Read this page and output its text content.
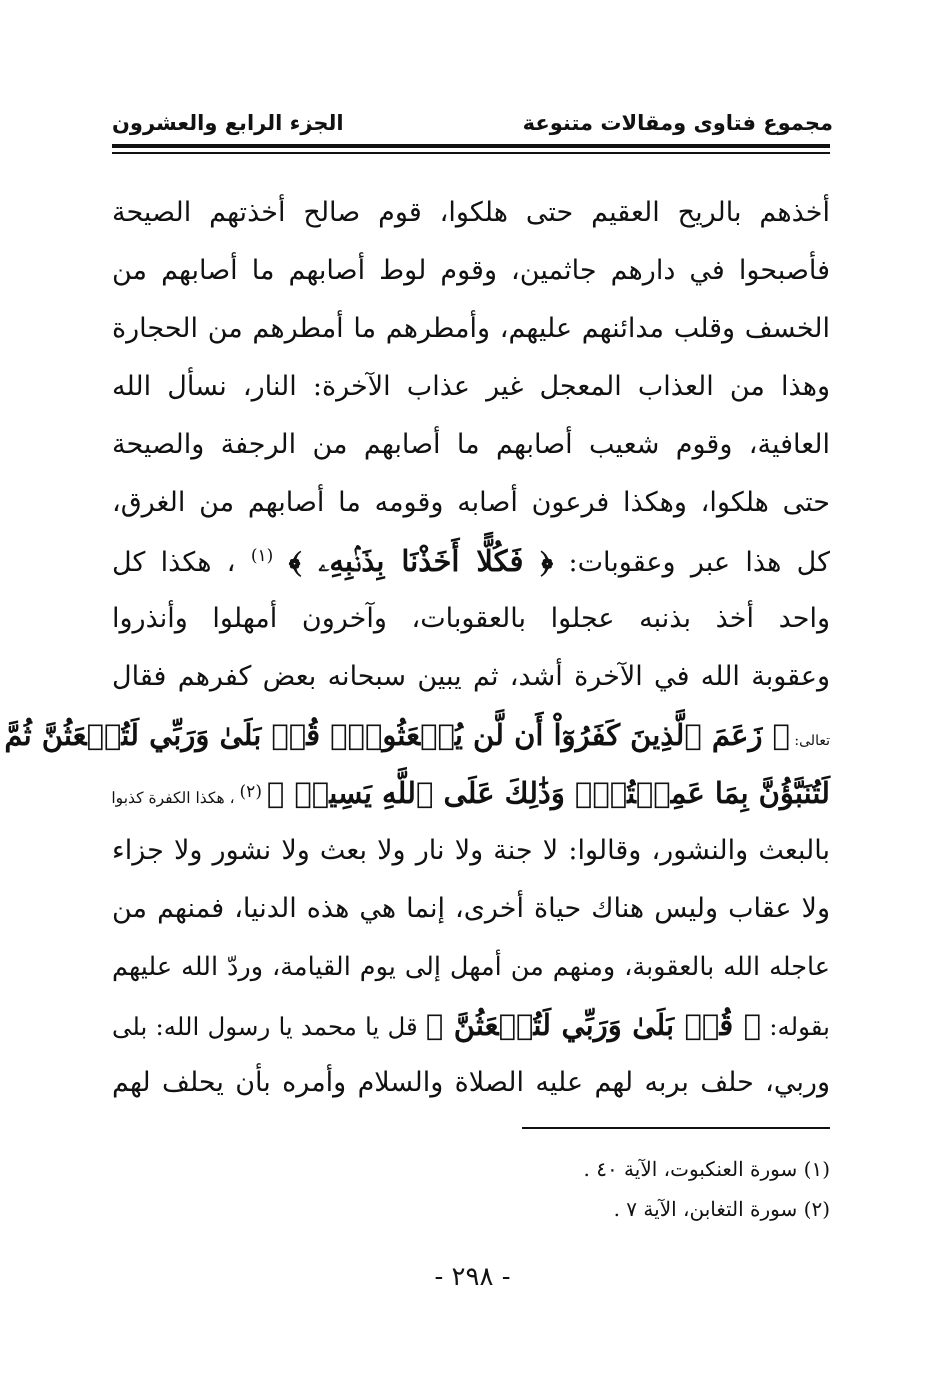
مجموع فتاوى ومقالات متنوعة
الجزء الرابع والعشرون
أخذهم بالريح العقيم حتى هلكوا، قوم صالح أخذتهم الصيحة
فأصبحوا في دارهم جاثمين، وقوم لوط أصابهم ما أصابهم من
الخسف وقلب مدائنهم عليهم، وأمطرهم ما أمطرهم من الحجارة
وهذا من العذاب المعجل غير عذاب الآخرة: النار، نسأل الله
العافية، وقوم شعيب أصابهم ما أصابهم من الرجفة والصيحة
حتى هلكوا، وهكذا فرعون أصابه وقومه ما أصابهم من الغرق،
كل هذا عبر وعقوبات: ﴿ فَكُلًّا أَخَذْنَا بِذَنۢبِهِۦ ﴾ $^{(١)}$ ، هكذا كل
واحد أخذ بذنبه عجلوا بالعقوبات، وآخرون أمهلوا وأنذروا
وعقوبة الله في الآخرة أشد، ثم يبين سبحانه بعض كفرهم فقال
تعالى: ﴿ زَعَمَ ٱلَّذِينَ كَفَرُوٓاْ أَن لَّن يُبۡعَثُواْۚ قُلۡ بَلَىٰ وَرَبِّي لَتُبۡعَثُنَّ ثُمَّ
لَتُنَبَّؤُنَّ بِمَا عَمِلۡتُمۡۚ وَذَٰلِكَ عَلَى ٱللَّهِ يَسِيرٞ ﴾ (٢) ، هكذا الكفرة كذبوا
بالبعث والنشور، وقالوا: لا جنة ولا نار ولا بعث ولا نشور ولا جزاء
ولا عقاب وليس هناك حياة أخرى، إنما هي هذه الدنيا، فمنهم من
عاجله الله بالعقوبة، ومنهم من أمهل إلى يوم القيامة، وردّ الله عليهم
بقوله: ﴿ قُلۡ بَلَىٰ وَرَبِّي لَتُبۡعَثُنَّ ﴾ قل يا محمد يا رسول الله: بلى
وربي، حلف بربه لهم عليه الصلاة والسلام وأمره بأن يحلف لهم
(١) سورة العنكبوت، الآية ٤٠ .
(٢) سورة التغابن، الآية ٧ .
- ٢٩٨ -
